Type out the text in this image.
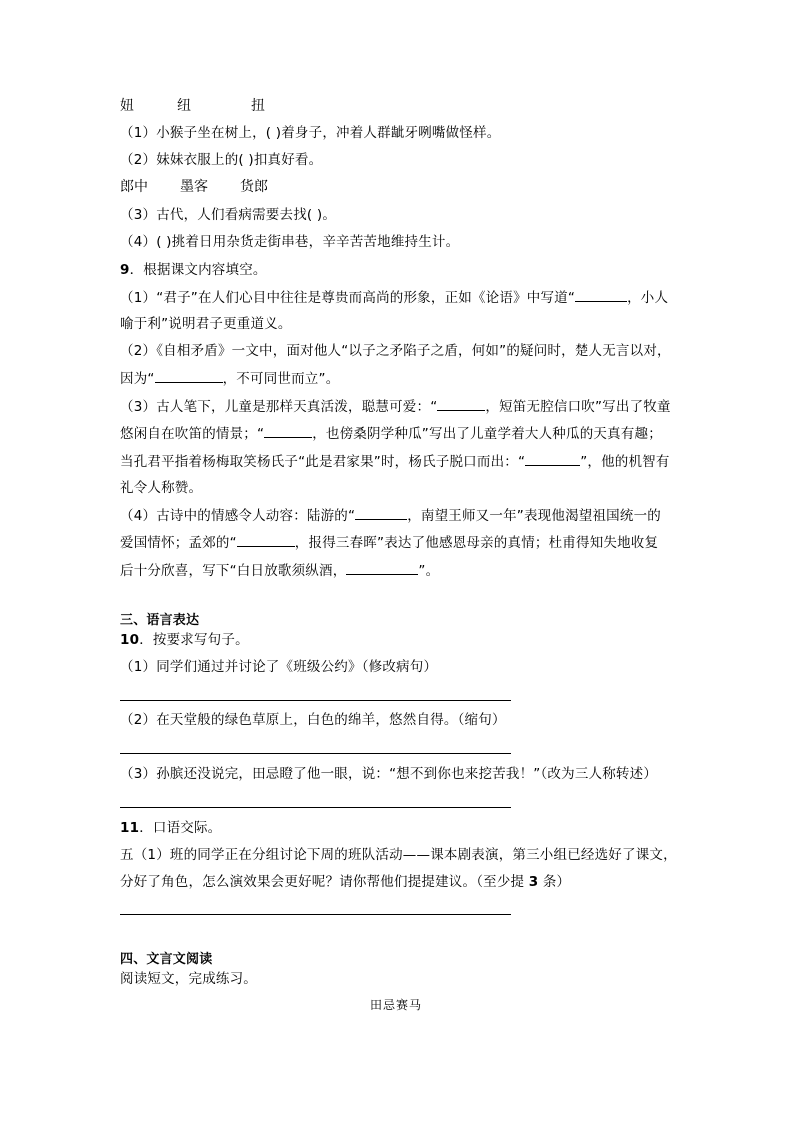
妞	纽	扭
（1）小猴子坐在树上，( )着身子，冲着人群龇牙咧嘴做怪样。
（2）妹妹衣服上的( )扣真好看。
郎中 墨客 货郎
（3）古代，人们看病需要去找( )。
（4）( )挑着日用杂货走街串巷，辛辛苦苦地维持生计。
9．根据课文内容填空。
（1）“君子”在人们心目中往往是尊贵而高尚的形象，正如《论语》中写道“	，小人
喻于利”说明君子更重道义。
（2）《自相矛盾》一文中，面对他人“以子之矛陷子之盾，何如”的疑问时，楚人无言以对，
因为“	，不可同世而立”。
（3）古人笔下，儿童是那样天真活泼，聪慧可爱：“	，短笛无腔信口吹”写出了牧童
悠闲自在吹笛的情景；“	，也傍桑阴学种瓜”写出了儿童学着大人种瓜的天真有趣；
当孔君平指着杨梅取笑杨氏子“此是君家果”时，杨氏子脱口而出：“	”，他的机智有
礼令人称赞。
（4）古诗中的情感令人动容：陆游的“	，南望王师又一年”表现他渴望祖国统一的
爱国情怀；孟郊的“	，报得三春晖”表达了他感恩母亲的真情；杜甫得知失地收复
后十分欣喜，写下“白日放歌须纵酒，	”。
三、语言表达
10．按要求写句子。
（1）同学们通过并讨论了《班级公约》（修改病句）
（2）在天堂般的绿色草原上，白色的绵羊，悠然自得。（缩句）
（3）孙膑还没说完，田忌瞪了他一眼，说：“想不到你也来挖苦我！”（改为三人称转述）
11．口语交际。
五（1）班的同学正在分组讨论下周的班队活动——课本剧表演，第三小组已经选好了课文，
分好了角色，怎么演效果会更好呢？请你帮他们提提建议。（至少提 3 条）
四、文言文阅读
阅读短文，完成练习。
田忌赛马
